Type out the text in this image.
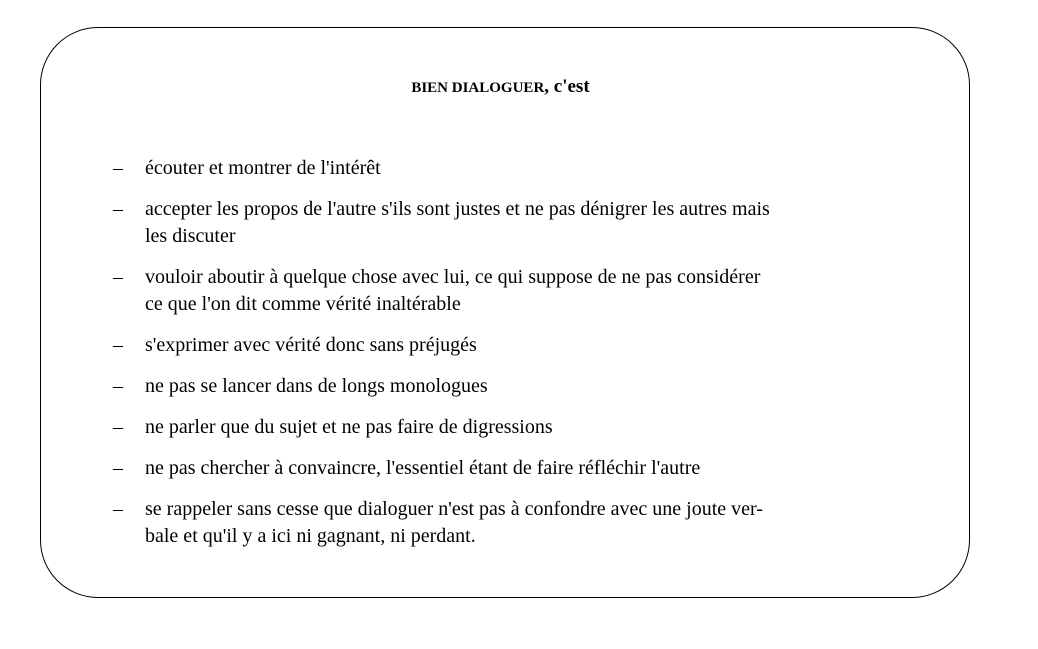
BIEN DIALOGUER, c'est
– écouter et montrer de l'intérêt
– accepter les propos de l'autre s'ils sont justes et ne pas dénigrer les autres mais
les discuter
– vouloir aboutir à quelque chose avec lui, ce qui suppose de ne pas considérer
ce que l'on dit comme vérité inaltérable
– s'exprimer avec vérité donc sans préjugés
– ne pas se lancer dans de longs monologues
– ne parler que du sujet et ne pas faire de digressions
– ne pas chercher à convaincre, l'essentiel étant de faire réfléchir l'autre
– se rappeler sans cesse que dialoguer n'est pas à confondre avec une joute ver-
bale et qu'il y a ici ni gagnant, ni perdant.
